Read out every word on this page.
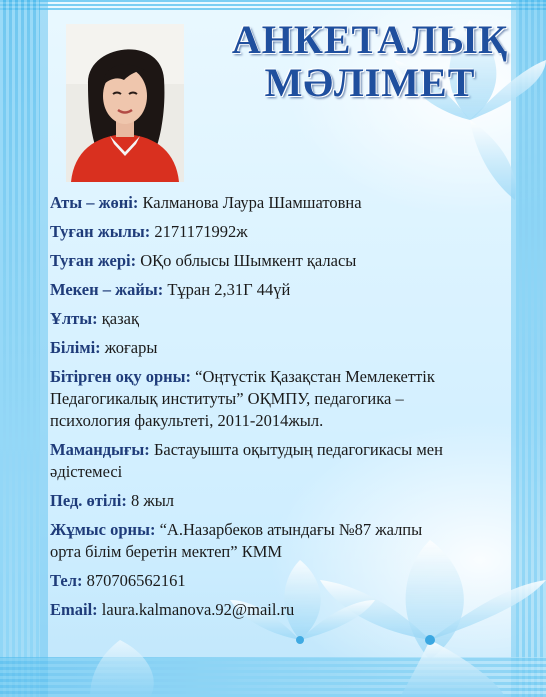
АНКЕТАЛЫҚ
МӘЛІМЕТ

Аты – жөні: Калманова Лаура Шамшатовна

Туған жылы: 2171171992ж

Туған жері: ОҚо облысы Шымкент қаласы

Мекен – жайы: Тұран 2,31Г 44үй

Ұлты: қазақ

Білімі: жоғары

Бітірген оқу орны: “Оңтүстік Қазақстан Мемлекеттік
Педагогикалық институты” ОҚМПУ, педагогика –
психология факультеті, 2011-2014жыл.

Мамандығы: Бастауышта оқытудың педагогикасы мен
әдістемесі

Пед. өтілі: 8 жыл

Жұмыс орны: “А.Назарбеков атындағы №87 жалпы
орта білім беретін мектеп” КММ

Тел: 870706562161

Email: laura.kalmanova.92@mail.ru
